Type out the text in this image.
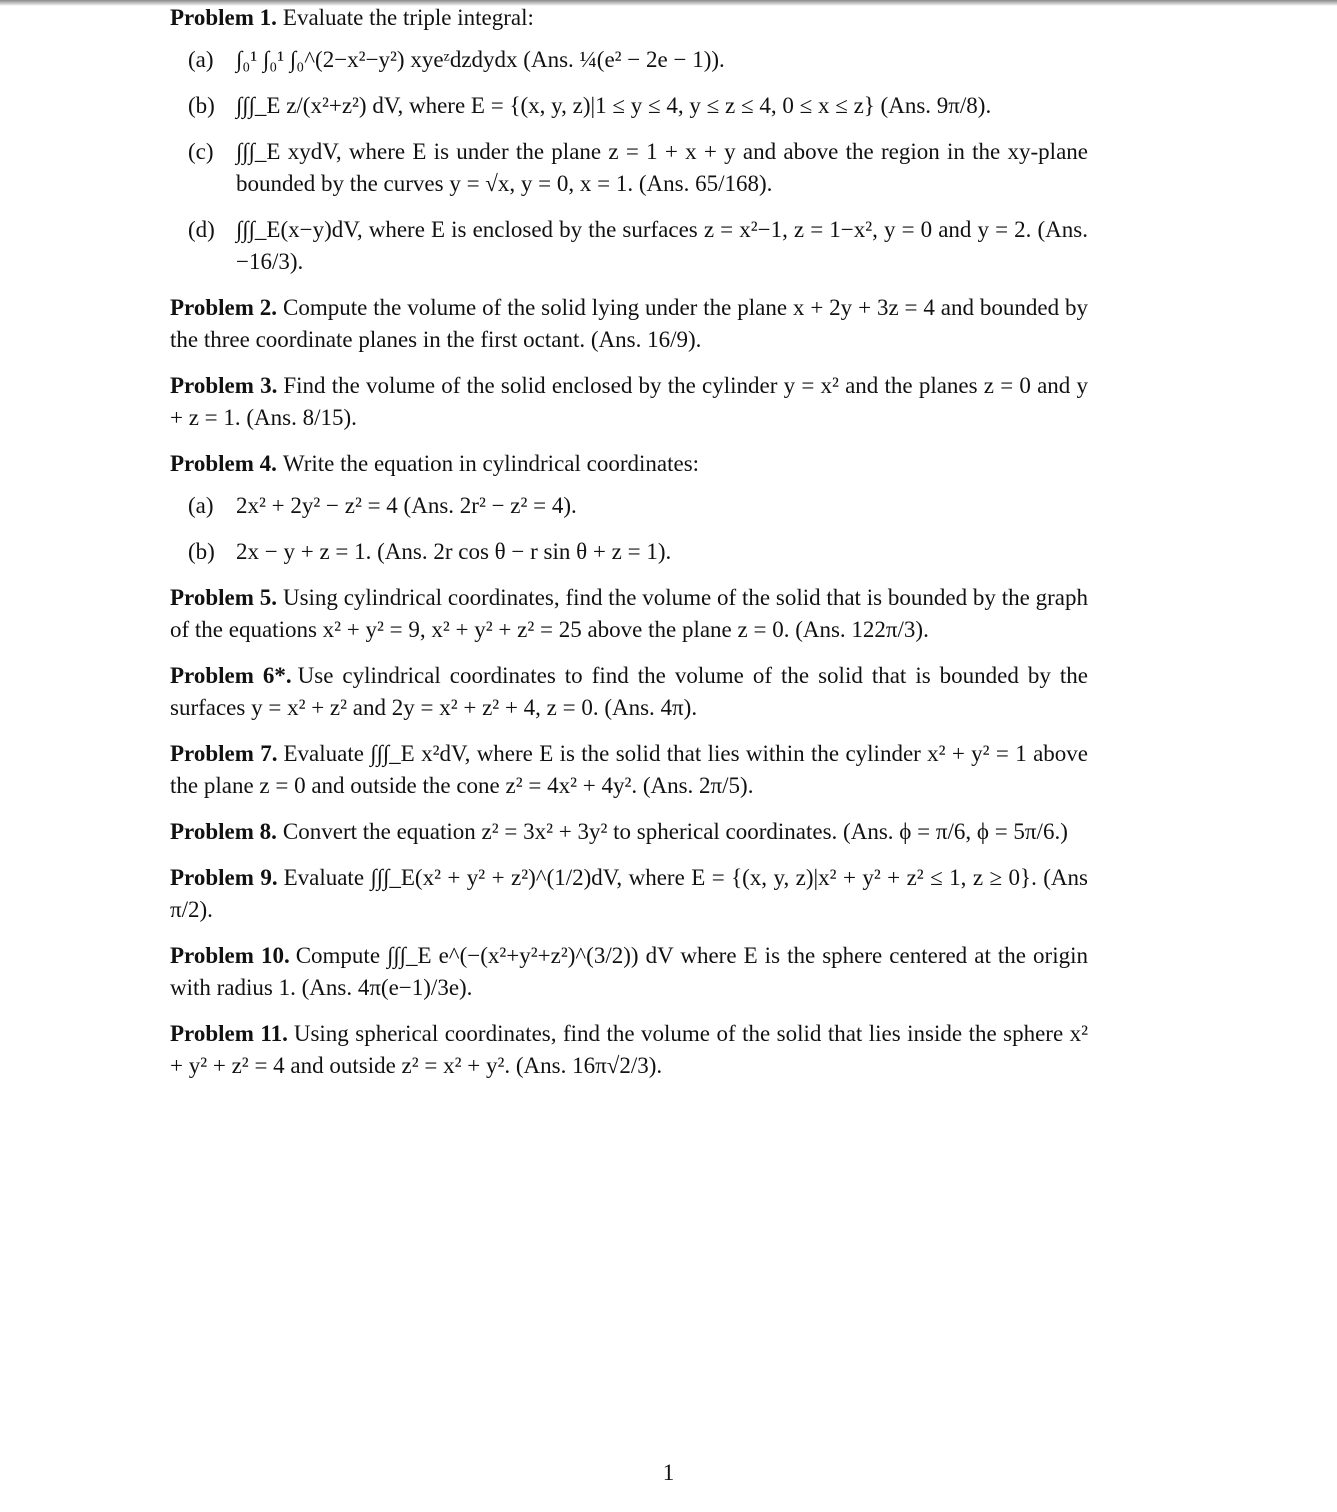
Problem 1. Evaluate the triple integral:
(a) ∫₀¹ ∫₀¹ ∫₀^(2−x²−y²) xyeᶻdzdydx (Ans. ¼(e² − 2e − 1)).
(b) ∫∫∫_E z/(x²+z²) dV, where E = {(x, y, z)|1 ≤ y ≤ 4, y ≤ z ≤ 4, 0 ≤ x ≤ z} (Ans. 9π/8).
(c) ∫∫∫_E xydV, where E is under the plane z = 1 + x + y and above the region in the xy-plane bounded by the curves y = √x, y = 0, x = 1. (Ans. 65/168).
(d) ∫∫∫_E(x−y)dV, where E is enclosed by the surfaces z = x²−1, z = 1−x², y = 0 and y = 2. (Ans. −16/3).
Problem 2. Compute the volume of the solid lying under the plane x + 2y + 3z = 4 and bounded by the three coordinate planes in the first octant. (Ans. 16/9).
Problem 3. Find the volume of the solid enclosed by the cylinder y = x² and the planes z = 0 and y + z = 1. (Ans. 8/15).
Problem 4. Write the equation in cylindrical coordinates:
(a) 2x² + 2y² − z² = 4 (Ans. 2r² − z² = 4).
(b) 2x − y + z = 1. (Ans. 2r cos θ − r sin θ + z = 1).
Problem 5. Using cylindrical coordinates, find the volume of the solid that is bounded by the graph of the equations x² + y² = 9, x² + y² + z² = 25 above the plane z = 0. (Ans. 122π/3).
Problem 6*. Use cylindrical coordinates to find the volume of the solid that is bounded by the surfaces y = x² + z² and 2y = x² + z² + 4, z = 0. (Ans. 4π).
Problem 7. Evaluate ∫∫∫_E x²dV, where E is the solid that lies within the cylinder x² + y² = 1 above the plane z = 0 and outside the cone z² = 4x² + 4y². (Ans. 2π/5).
Problem 8. Convert the equation z² = 3x² + 3y² to spherical coordinates. (Ans. ϕ = π/6, ϕ = 5π/6.)
Problem 9. Evaluate ∫∫∫_E(x² + y² + z²)^(1/2)dV, where E = {(x, y, z)|x² + y² + z² ≤ 1, z ≥ 0}. (Ans π/2).
Problem 10. Compute ∫∫∫_E e^(−(x²+y²+z²)^(3/2)) dV where E is the sphere centered at the origin with radius 1. (Ans. 4π(e−1)/3e).
Problem 11. Using spherical coordinates, find the volume of the solid that lies inside the sphere x² + y² + z² = 4 and outside z² = x² + y². (Ans. 16π√2/3).
1
